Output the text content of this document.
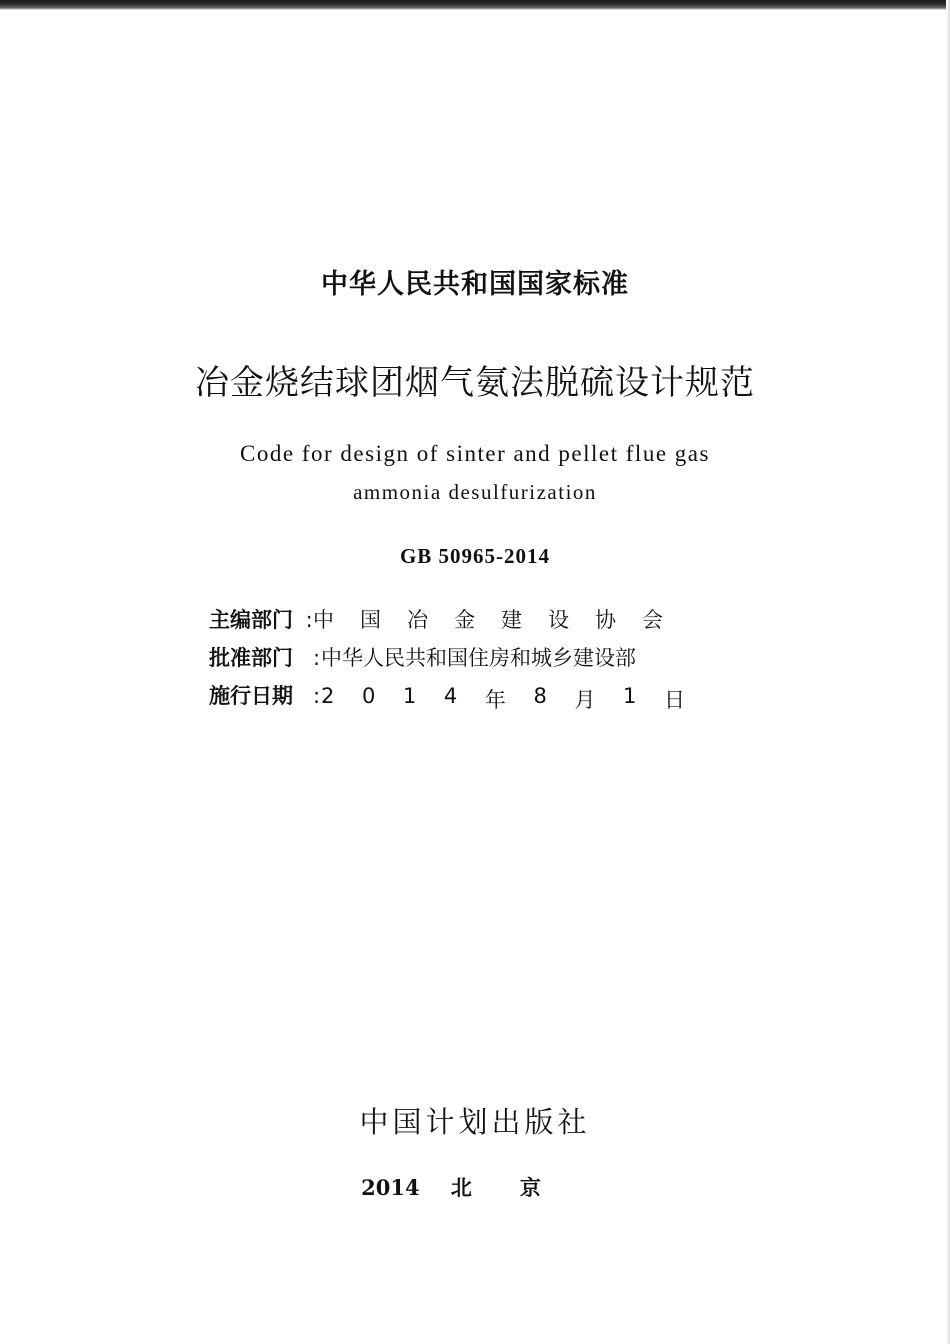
中华人民共和国国家标准
冶金烧结球团烟气氨法脱硫设计规范
Code for design of sinter and pellet flue gas
ammonia desulfurization
GB 50965-2014
主编部门 : 中国冶金建设协会
批准部门 : 中华人民共和国住房和城乡建设部
施行日期 : 2 0 1 4 年 8 月 1 日
中国计划出版社
2014 北京
